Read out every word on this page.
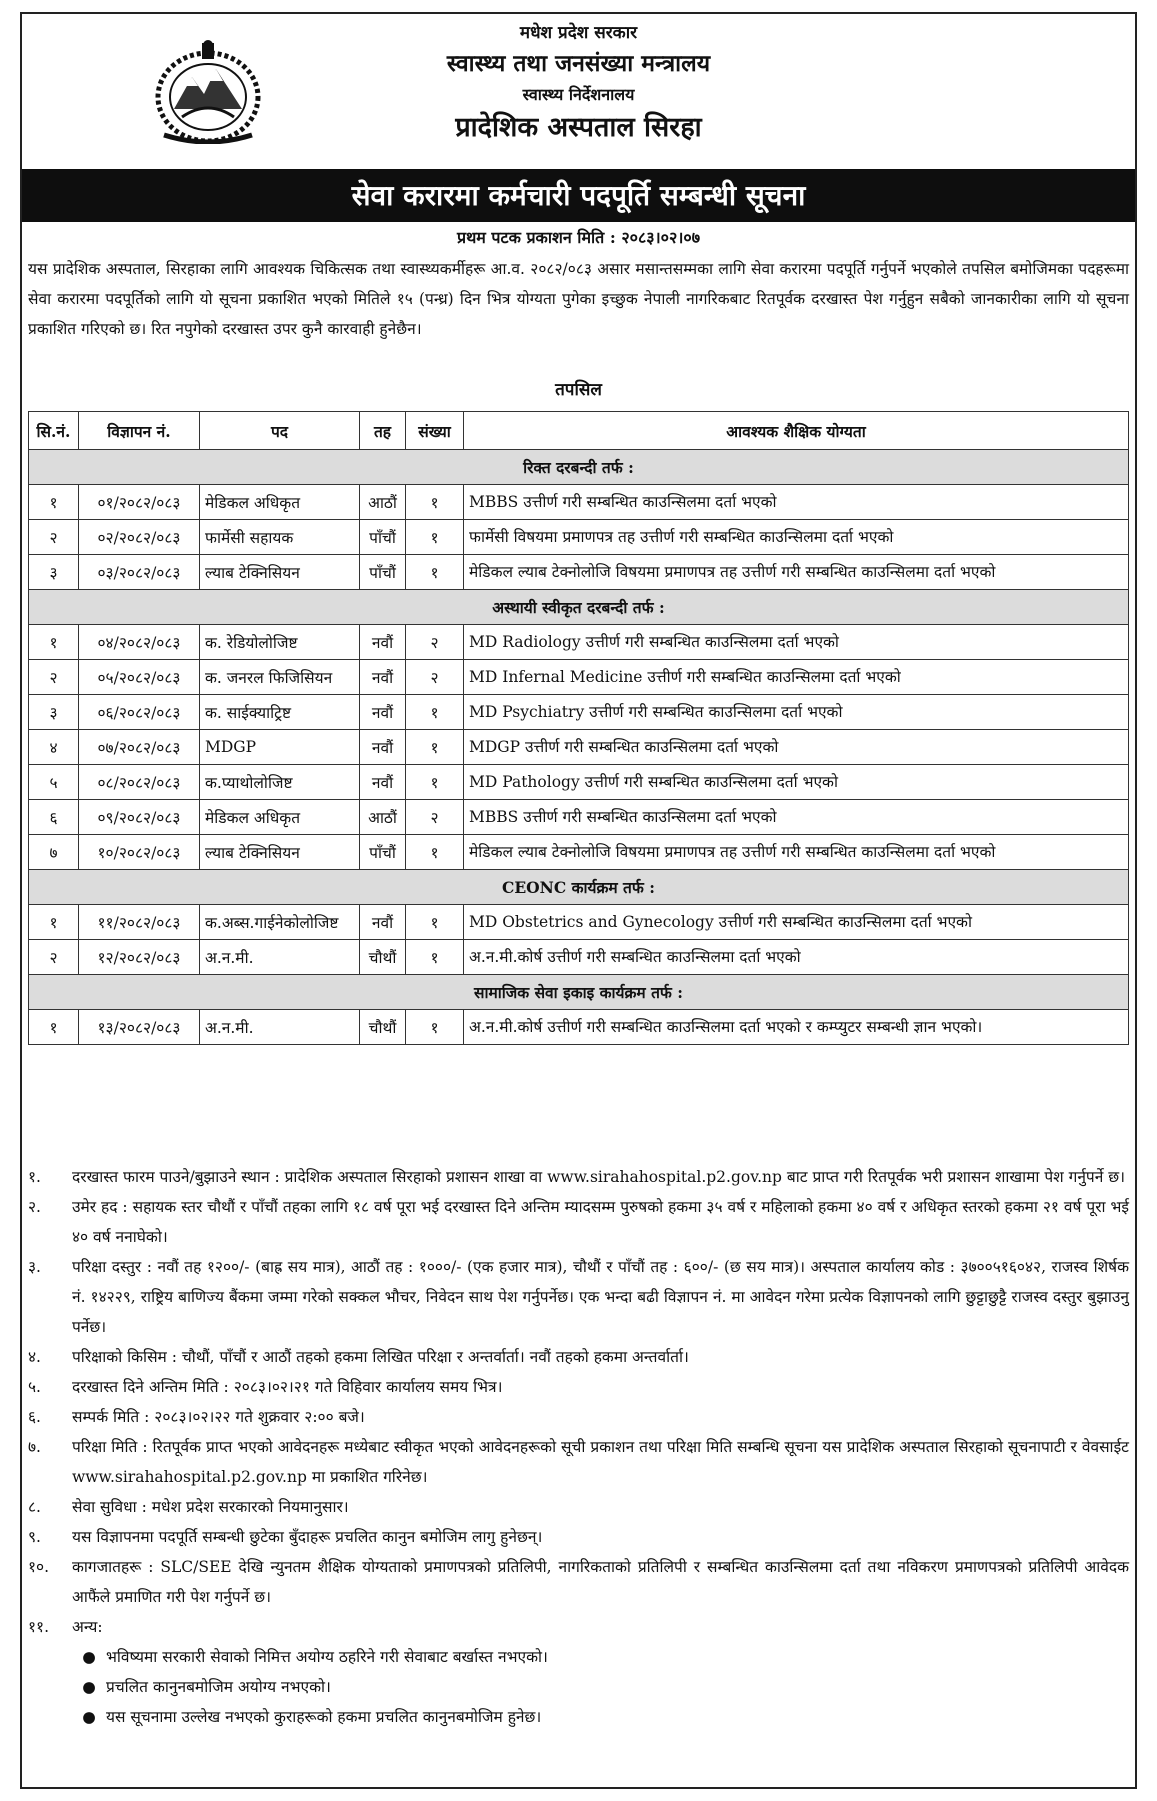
मधेश प्रदेश सरकार
स्वास्थ्य तथा जनसंख्या मन्त्रालय
स्वास्थ्य निर्देशनालय
प्रादेशिक अस्पताल सिरहा
सेवा करारमा कर्मचारी पदपूर्ति सम्बन्धी सूचना
प्रथम पटक प्रकाशन मिति : २०८३।०२।०७
यस प्रादेशिक अस्पताल, सिरहाका लागि आवश्यक चिकित्सक तथा स्वास्थ्यकर्मीहरू आ.व. २०८२/०८३ असार मसान्तसम्मका लागि सेवा करारमा पदपूर्ति गर्नुपर्ने भएकोले तपसिल बमोजिमका पदहरूमा सेवा करारमा पदपूर्तिको लागि यो सूचना प्रकाशित भएको मितिले १५ (पन्ध्र) दिन भित्र योग्यता पुगेका इच्छुक नेपाली नागरिकबाट रितपूर्वक दरखास्त पेश गर्नुहुन सबैको जानकारीका लागि यो सूचना प्रकाशित गरिएको छ। रित नपुगेको दरखास्त उपर कुनै कारवाही हुनेछैन।
तपसिल
सि.नं.	विज्ञापन नं.	पद	तह	संख्या	आवश्यक शैक्षिक योग्यता
रिक्त दरबन्दी तर्फ :					
१	०१/२०८२/०८३	मेडिकल अधिकृत	आठौं	१	MBBS उत्तीर्ण गरी सम्बन्धित काउन्सिलमा दर्ता भएको
२	०२/२०८२/०८३	फार्मेसी सहायक	पाँचौं	१	फार्मेसी विषयमा प्रमाणपत्र तह उत्तीर्ण गरी सम्बन्धित काउन्सिलमा दर्ता भएको
३	०३/२०८२/०८३	ल्याब टेक्निसियन	पाँचौं	१	मेडिकल ल्याब टेक्नोलोजि विषयमा प्रमाणपत्र तह उत्तीर्ण गरी सम्बन्धित काउन्सिलमा दर्ता भएको
अस्थायी स्वीकृत दरबन्दी तर्फ :					
१	०४/२०८२/०८३	क. रेडियोलोजिष्ट	नवौं	२	MD Radiology उत्तीर्ण गरी सम्बन्धित काउन्सिलमा दर्ता भएको
२	०५/२०८२/०८३	क. जनरल फिजिसियन	नवौं	२	MD Infernal Medicine उत्तीर्ण गरी सम्बन्धित काउन्सिलमा दर्ता भएको
३	०६/२०८२/०८३	क. साईक्याट्रिष्ट	नवौं	१	MD Psychiatry उत्तीर्ण गरी सम्बन्धित काउन्सिलमा दर्ता भएको
४	०७/२०८२/०८३	MDGP	नवौं	१	MDGP उत्तीर्ण गरी सम्बन्धित काउन्सिलमा दर्ता भएको
५	०८/२०८२/०८३	क.प्याथोलोजिष्ट	नवौं	१	MD Pathology उत्तीर्ण गरी सम्बन्धित काउन्सिलमा दर्ता भएको
६	०९/२०८२/०८३	मेडिकल अधिकृत	आठौं	२	MBBS उत्तीर्ण गरी सम्बन्धित काउन्सिलमा दर्ता भएको
७	१०/२०८२/०८३	ल्याब टेक्निसियन	पाँचौं	१	मेडिकल ल्याब टेक्नोलोजि विषयमा प्रमाणपत्र तह उत्तीर्ण गरी सम्बन्धित काउन्सिलमा दर्ता भएको
CEONC कार्यक्रम तर्फ :					
१	११/२०८२/०८३	क.अब्स.गाईनेकोलोजिष्ट	नवौं	१	MD Obstetrics and Gynecology उत्तीर्ण गरी सम्बन्धित काउन्सिलमा दर्ता भएको
२	१२/२०८२/०८३	अ.न.मी.	चौथौं	१	अ.न.मी.कोर्ष उत्तीर्ण गरी सम्बन्धित काउन्सिलमा दर्ता भएको
सामाजिक सेवा इकाइ कार्यक्रम तर्फ :					
१	१३/२०८२/०८३	अ.न.मी.	चौथौं	१	अ.न.मी.कोर्ष उत्तीर्ण गरी सम्बन्धित काउन्सिलमा दर्ता भएको र कम्प्युटर सम्बन्धी ज्ञान भएको।
१.	दरखास्त फारम पाउने/बुझाउने स्थान : प्रादेशिक अस्पताल सिरहाको प्रशासन शाखा वा www.sirahahospital.p2.gov.np बाट प्राप्त गरी रितपूर्वक भरी प्रशासन शाखामा पेश गर्नुपर्ने छ।
२.	उमेर हद : सहायक स्तर चौथौं र पाँचौं तहका लागि १८ वर्ष पूरा भई दरखास्त दिने अन्तिम म्यादसम्म पुरुषको हकमा ३५ वर्ष र महिलाको हकमा ४० वर्ष र अधिकृत स्तरको हकमा २१ वर्ष पूरा भई ४० वर्ष ननाघेको।
३.	परिक्षा दस्तुर : नवौं तह १२००/- (बाह्र सय मात्र), आठौं तह : १०००/- (एक हजार मात्र), चौथौं र पाँचौं तह : ६००/- (छ सय मात्र)। अस्पताल कार्यालय कोड : ३७००५१६०४२, राजस्व शिर्षक नं. १४२२९, राष्ट्रिय बाणिज्य बैंकमा जम्मा गरेको सक्कल भौचर, निवेदन साथ पेश गर्नुपर्नेछ। एक भन्दा बढी विज्ञापन नं. मा आवेदन गरेमा प्रत्येक विज्ञापनको लागि छुट्टाछुट्टै राजस्व दस्तुर बुझाउनु पर्नेछ।
४.	परिक्षाको किसिम : चौथौं, पाँचौं र आठौं तहको हकमा लिखित परिक्षा र अन्तर्वार्ता। नवौं तहको हकमा अन्तर्वार्ता।
५.	दरखास्त दिने अन्तिम मिति : २०८३।०२।२१ गते विहिवार कार्यालय समय भित्र।
६.	सम्पर्क मिति : २०८३।०२।२२ गते शुक्रवार २:०० बजे।
७.	परिक्षा मिति : रितपूर्वक प्राप्त भएको आवेदनहरू मध्येबाट स्वीकृत भएको आवेदनहरूको सूची प्रकाशन तथा परिक्षा मिति सम्बन्धि सूचना यस प्रादेशिक अस्पताल सिरहाको सूचनापाटी र वेवसाईट www.sirahahospital.p2.gov.np मा प्रकाशित गरिनेछ।
८.	सेवा सुविधा : मधेश प्रदेश सरकारको नियमानुसार।
९.	यस विज्ञापनमा पदपूर्ति सम्बन्धी छुटेका बुँदाहरू प्रचलित कानुन बमोजिम लागु हुनेछन्।
१०.	कागजातहरू : SLC/SEE देखि न्युनतम शैक्षिक योग्यताको प्रमाणपत्रको प्रतिलिपी, नागरिकताको प्रतिलिपी र सम्बन्धित काउन्सिलमा दर्ता तथा नविकरण प्रमाणपत्रको प्रतिलिपी आवेदक आफैंले प्रमाणित गरी पेश गर्नुपर्ने छ।
११.	अन्य:
● भविष्यमा सरकारी सेवाको निमित्त अयोग्य ठहरिने गरी सेवाबाट बर्खास्त नभएको।
● प्रचलित कानुनबमोजिम अयोग्य नभएको।
● यस सूचनामा उल्लेख नभएको कुराहरूको हकमा प्रचलित कानुनबमोजिम हुनेछ।
